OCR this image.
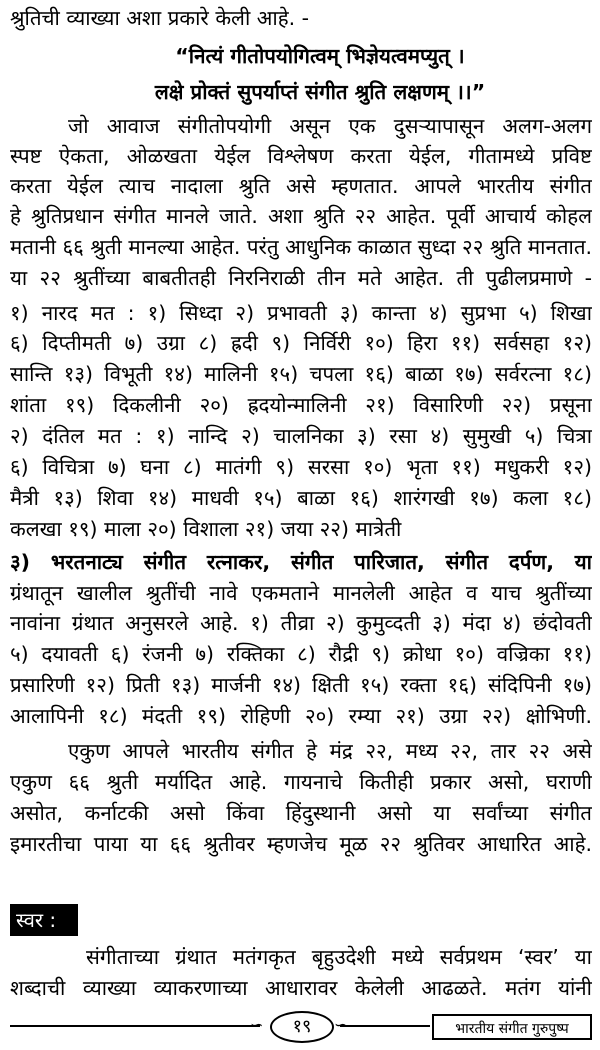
श्रुतिची व्याख्या अशा प्रकारे केली आहे. -
“नित्यं गीतोपयोगित्वम् भिज्ञेयत्वमप्युत् ।
लक्षे प्रोक्तं सुपर्याप्तं संगीत श्रुति लक्षणम् ।।”
जो आवाज संगीतोपयोगी असून एक दुसऱ्यापासून अलग-अलग
स्पष्ट ऐकता, ओळखता येईल विश्लेषण करता येईल, गीतामध्ये प्रविष्ट
करता येईल त्याच नादाला श्रुति असे म्हणतात. आपले भारतीय संगीत
हे श्रुतिप्रधान संगीत मानले जाते. अशा श्रुति २२ आहेत. पूर्वी आचार्य कोहल
मतानी ६६ श्रुती मानल्या आहेत. परंतु आधुनिक काळात सुध्दा २२ श्रुति मानतात.
या २२ श्रुतींच्या बाबतीतही निरनिराळी तीन मते आहेत. ती पुढीलप्रमाणे -
१) नारद मत : १) सिध्दा २) प्रभावती ३) कान्ता ४) सुप्रभा ५) शिखा
६) दिप्तीमती ७) उग्रा ८) ह्रदी ९) निर्विरी १०) हिरा ११) सर्वसहा १२)
सान्ति १३) विभूती १४) मालिनी १५) चपला १६) बाळा १७) सर्वरत्ना १८)
शांता १९) दिकलीनी २०) ह्रदयोन्मालिनी २१) विसारिणी २२) प्रसूना
२) दंतिल मत : १) नान्दि २) चालनिका ३) रसा ४) सुमुखी ५) चित्रा
६) विचित्रा ७) घना ८) मातंगी ९) सरसा १०) भृता ११) मधुकरी १२)
मैत्री १३) शिवा १४) माधवी १५) बाळा १६) शारंगखी १७) कला १८)
कलखा १९) माला २०) विशाला २१) जया २२) मात्रेती
३) भरतनाट्य संगीत रत्नाकर, संगीत पारिजात, संगीत दर्पण, या
ग्रंथातून खालील श्रुतींची नावे एकमताने मानलेली आहेत व याच श्रुतींच्या
नावांना ग्रंथात अनुसरले आहे. १) तीव्रा २) कुमुव्दती ३) मंदा ४) छंदोवती
५) दयावती ६) रंजनी ७) रक्तिका ८) रौद्री ९) क्रोधा १०) वज्रिका ११)
प्रसारिणी १२) प्रिती १३) मार्जनी १४) क्षिती १५) रक्ता १६) संदिपिनी १७)
आलापिनी १८) मंदती १९) रोहिणी २०) रम्या २१) उग्रा २२) क्षोभिणी.
एकुण आपले भारतीय संगीत हे मंद्र २२, मध्य २२, तार २२ असे
एकुण ६६ श्रुती मर्यादित आहे. गायनाचे कितीही प्रकार असो, घराणी
असोत, कर्नाटकी असो किंवा हिंदुस्थानी असो या सर्वांच्या संगीत
इमारतीचा पाया या ६६ श्रुतीवर म्हणजेच मूळ २२ श्रुतिवर आधारित आहे.
स्वर :
संगीताच्या ग्रंथात मतंगकृत बृहुउदेशी मध्ये सर्वप्रथम ‘स्वर’ या
शब्दाची व्याख्या व्याकरणाच्या आधारावर केलेली आढळते. मतंग यांनी
∽	∽
१९	भारतीय संगीत गुरुपुष्प
